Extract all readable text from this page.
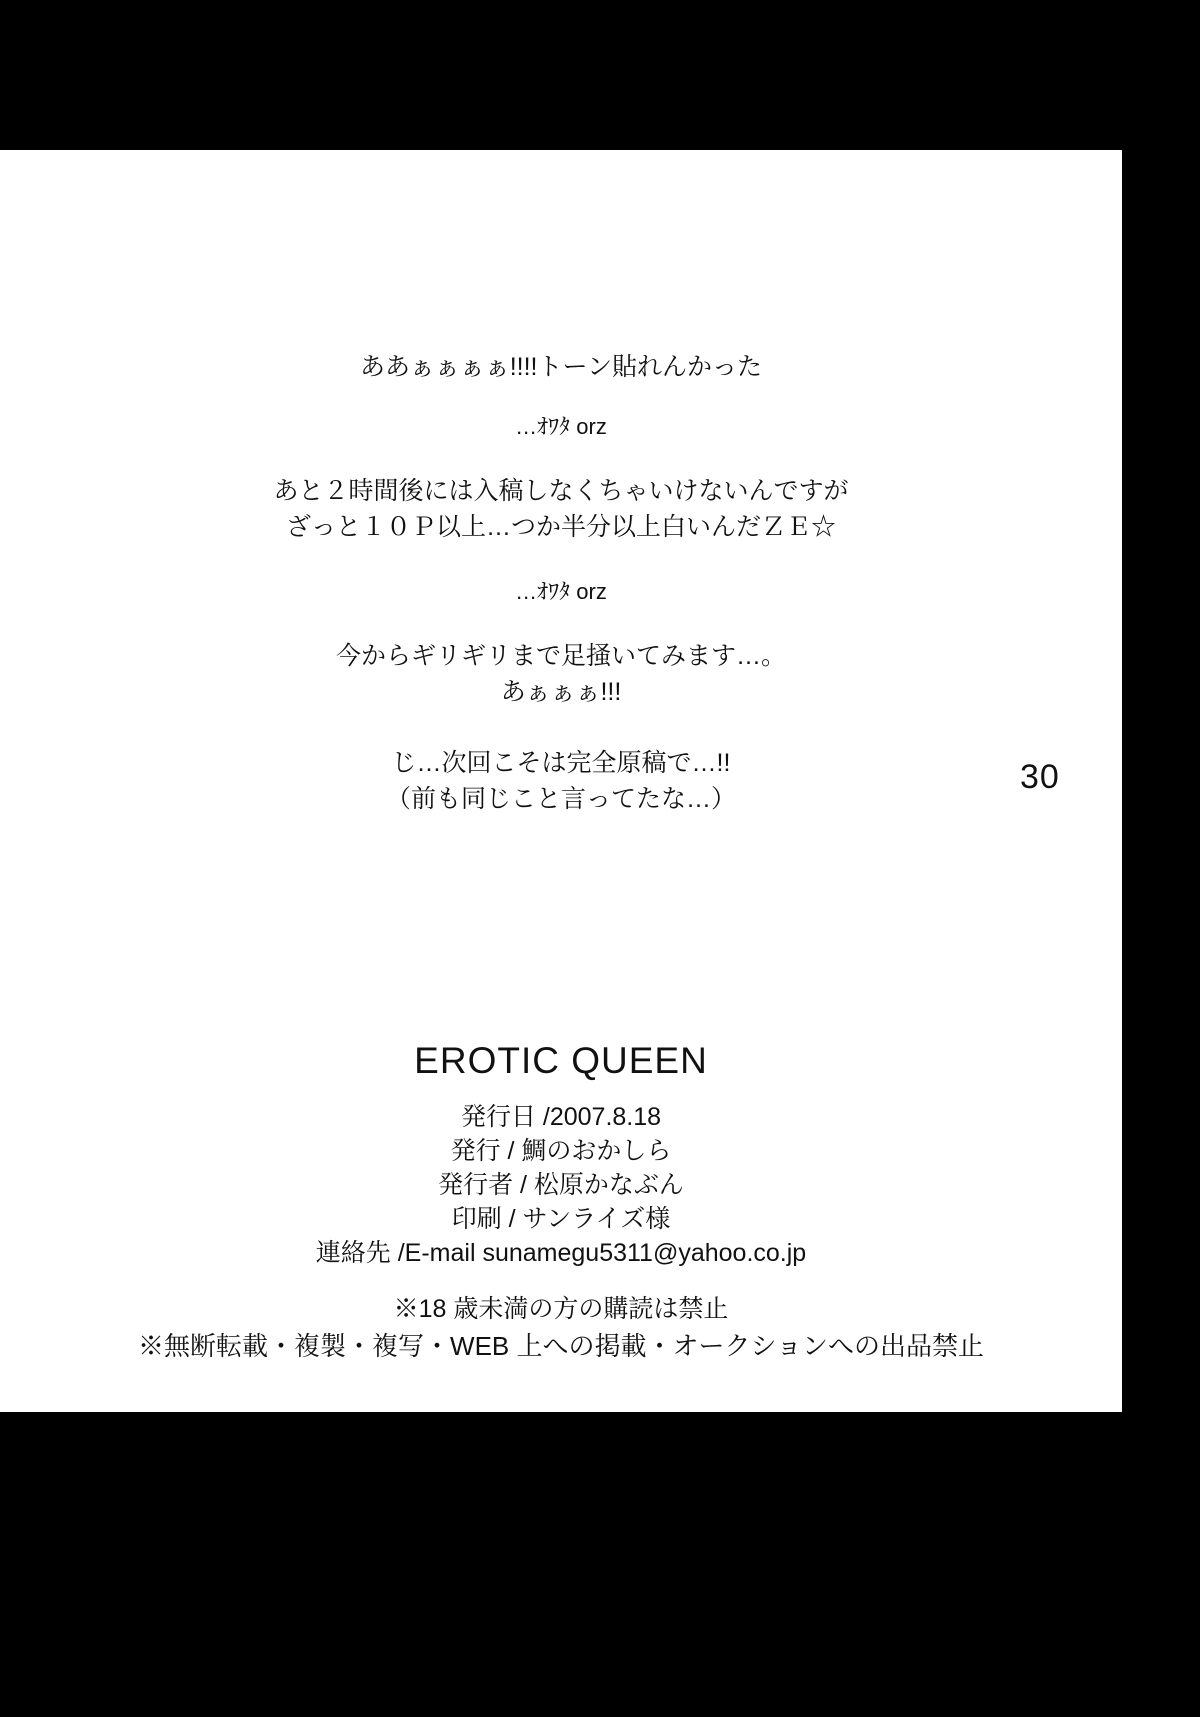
ああぁぁぁぁ!!!!トーン貼れんかった
…ｵﾜﾀ orz
あと２時間後には入稿しなくちゃいけないんですが
ざっと１０Ｐ以上…つか半分以上白いんだＺＥ☆
…ｵﾜﾀ orz
今からギリギリまで足掻いてみます…。
あぁぁぁ!!!
じ…次回こそは完全原稿で…!!
（前も同じこと言ってたな…）
30
EROTIC QUEEN
発行日 /2007.8.18
発行 / 鯛のおかしら
発行者 / 松原かなぶん
印刷 / サンライズ様
連絡先 /E-mail sunamegu5311@yahoo.co.jp
※18 歳未満の方の購読は禁止
※無断転載・複製・複写・WEB 上への掲載・オークションへの出品禁止
